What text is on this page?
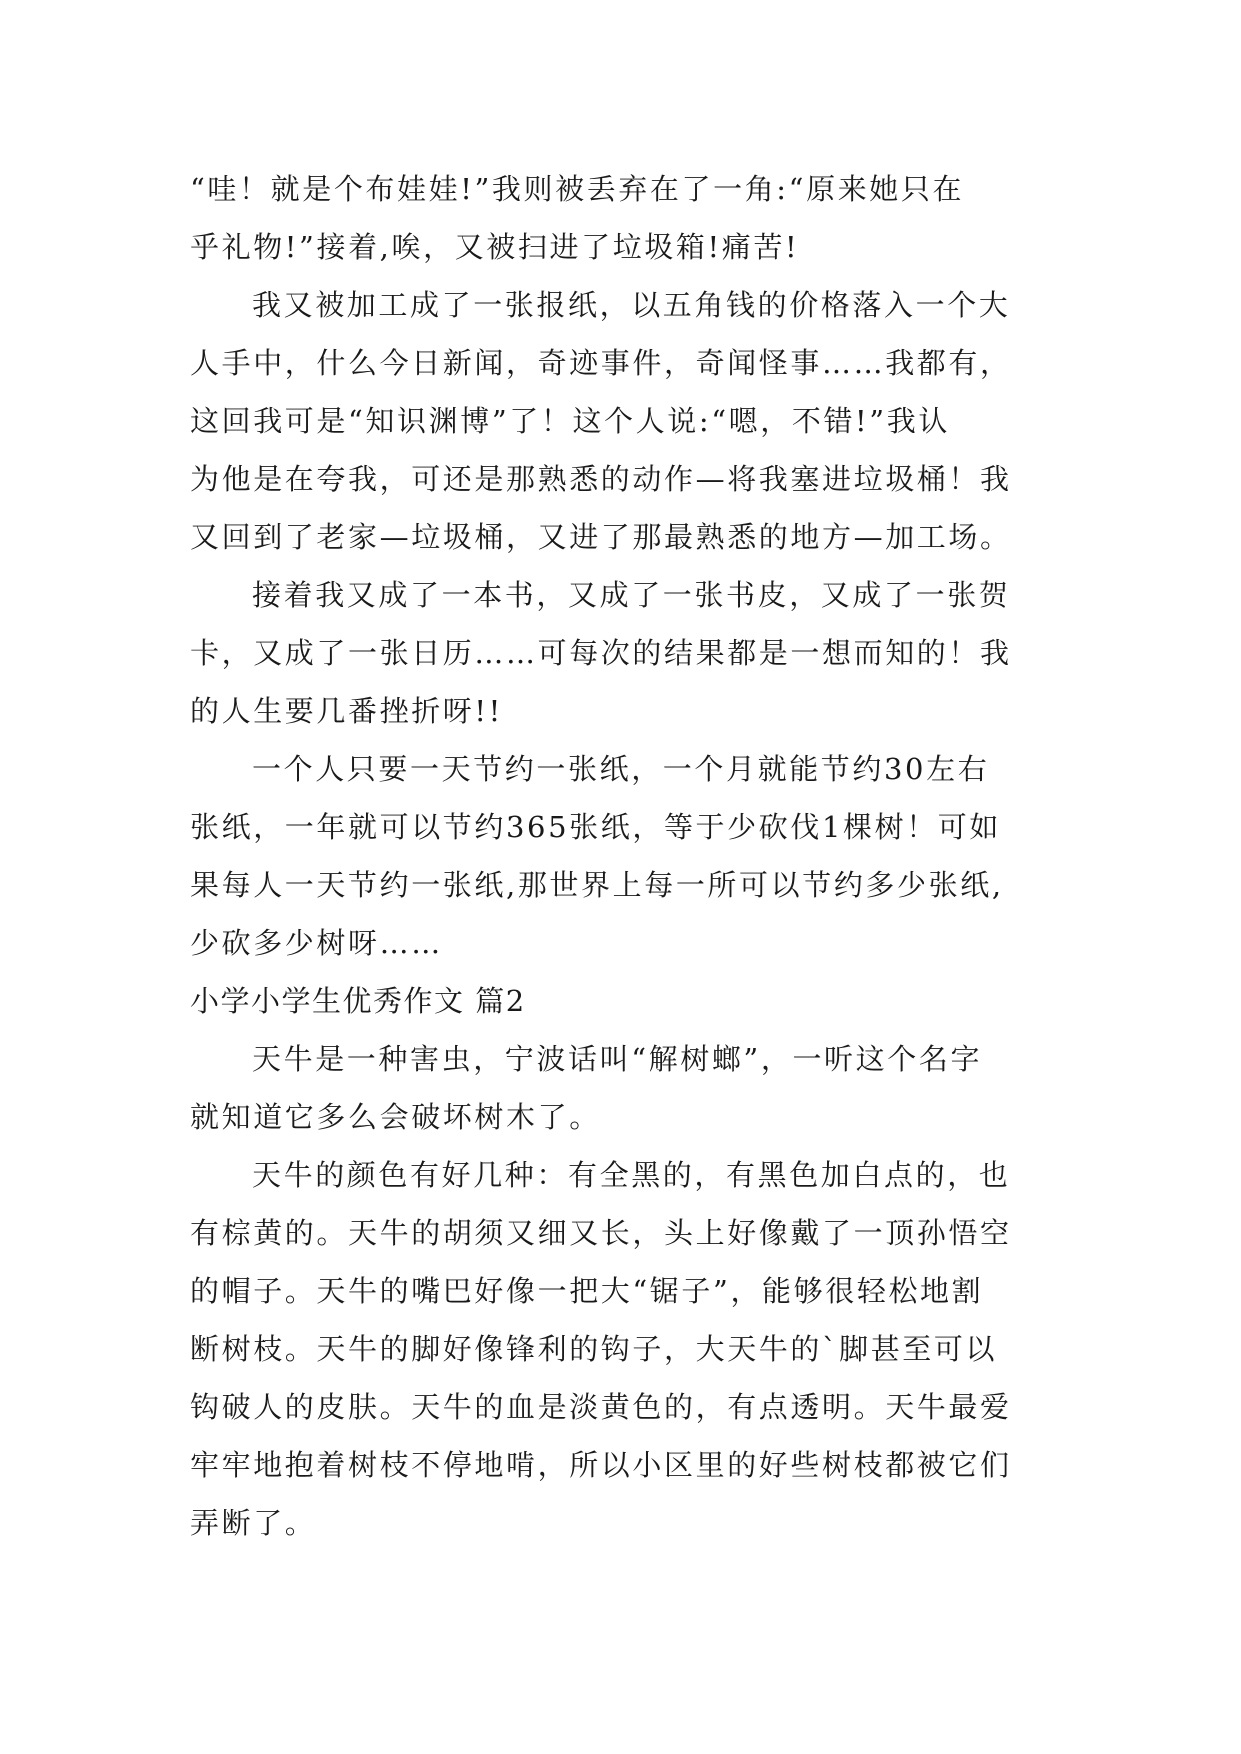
“哇！就是个布娃娃!”我则被丢弃在了一角:“原来她只在
乎礼物!”接着,唉，又被扫进了垃圾箱!痛苦!
我又被加工成了一张报纸，以五角钱的价格落入一个大
人手中，什么今日新闻，奇迹事件，奇闻怪事……我都有，
这回我可是“知识渊博”了！这个人说:“嗯，不错!”我认
为他是在夸我，可还是那熟悉的动作—将我塞进垃圾桶！我
又回到了老家—垃圾桶，又进了那最熟悉的地方—加工场。
接着我又成了一本书，又成了一张书皮，又成了一张贺
卡，又成了一张日历……可每次的结果都是一想而知的！我
的人生要几番挫折呀!!
一个人只要一天节约一张纸，一个月就能节约30左右
张纸，一年就可以节约365张纸，等于少砍伐1棵树！可如
果每人一天节约一张纸,那世界上每一所可以节约多少张纸,
少砍多少树呀……
小学小学生优秀作文 篇2
天牛是一种害虫，宁波话叫“解树螂”，一听这个名字
就知道它多么会破坏树木了。
天牛的颜色有好几种：有全黑的，有黑色加白点的，也
有棕黄的。天牛的胡须又细又长，头上好像戴了一顶孙悟空
的帽子。天牛的嘴巴好像一把大“锯子”，能够很轻松地割
断树枝。天牛的脚好像锋利的钩子，大天牛的`脚甚至可以
钩破人的皮肤。天牛的血是淡黄色的，有点透明。天牛最爱
牢牢地抱着树枝不停地啃，所以小区里的好些树枝都被它们
弄断了。
